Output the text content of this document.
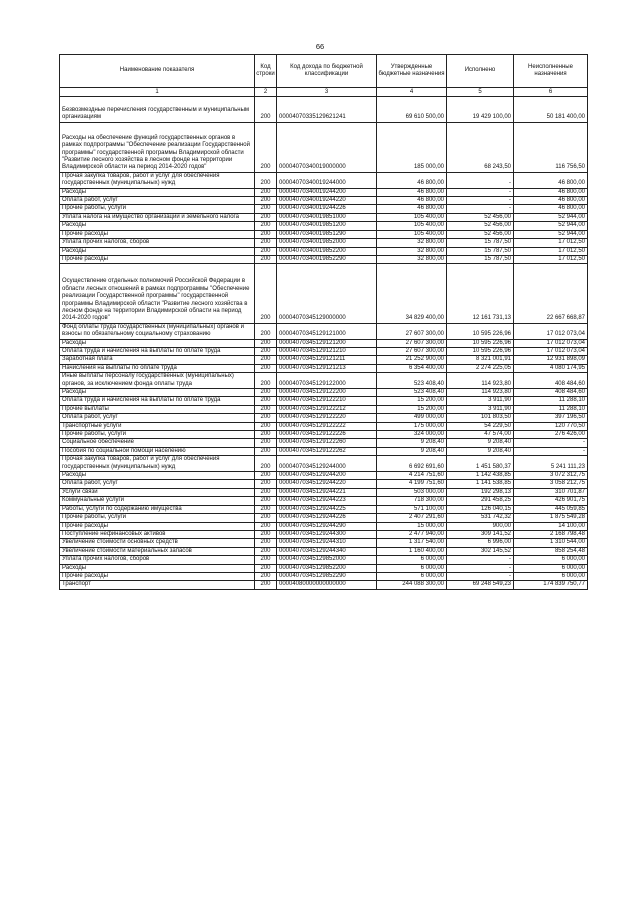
66
Наименование показателя	Код строки	Код дохода по бюджетной классификации	Утвержденные бюджетные назначения	Исполнено	Неисполненные назначения
1	2	3	4	5	6
Безвозмездные перечисления государственным и муниципальным организациям	200	00004070335129621241	69 610 500,00	19 429 100,00	50 181 400,00
Расходы на обеспечение функций государственных органов в рамках подпрограммы "Обеспечение реализации Государственной программы" государственной программы Владимирской области "Развитие лесного хозяйства в лесном фонде на территории Владимирской области на период 2014-2020 годов"	200	00004070340019000000	185 000,00	68 243,50	116 756,50
Прочая закупка товаров, работ и услуг для обеспечения государственных (муниципальных) нужд	200	00004070340019244000	46 800,00	-	46 800,00
Расходы	200	00004070340019244200	46 800,00	-	46 800,00
Оплата работ, услуг	200	00004070340019244220	46 800,00	-	46 800,00
Прочие работы, услуги	200	00004070340019244226	46 800,00	-	46 800,00
Уплата налога на имущество организаций и земельного налога	200	00004070340019851000	105 400,00	52 456,00	52 944,00
Расходы	200	00004070340019851200	105 400,00	52 456,00	52 944,00
Прочие расходы	200	00004070340019851290	105 400,00	52 456,00	52 944,00
Уплата прочих налогов, сборов	200	00004070340019852000	32 800,00	15 787,50	17 012,50
Расходы	200	00004070340019852200	32 800,00	15 787,50	17 012,50
Прочие расходы	200	00004070340019852290	32 800,00	15 787,50	17 012,50
Осуществление отдельных полномочий Российской Федерации в области лесных отношений в рамках подпрограммы "Обеспечение реализации Государственной программы" государственной программы Владимирской области "Развитие лесного хозяйства в лесном фонде на территории Владимирской области на период 2014-2020 годов"	200	00004070345129000000	34 829 400,00	12 161 731,13	22 667 668,87
Фонд оплаты труда государственных (муниципальных) органов и взносы по обязательному социальному страхованию	200	00004070345129121000	27 607 300,00	10 595 226,96	17 012 073,04
Расходы	200	00004070345129121200	27 607 300,00	10 595 226,96	17 012 073,04
Оплата труда и начисления на выплаты по оплате труда	200	00004070345129121210	27 607 300,00	10 595 226,96	17 012 073,04
Заработная плата	200	00004070345129121211	21 252 900,00	8 321 001,91	12 931 898,09
Начисления на выплаты по оплате труда	200	00004070345129121213	6 354 400,00	2 274 225,05	4 080 174,95
Иные выплаты персоналу государственных (муниципальных) органов, за исключением фонда оплаты труда	200	00004070345129122000	523 408,40	114 923,80	408 484,60
Расходы	200	00004070345129122200	523 408,40	114 923,80	408 484,60
Оплата труда и начисления на выплаты по оплате труда	200	00004070345129122210	15 200,00	3 911,90	11 288,10
Прочие выплаты	200	00004070345129122212	15 200,00	3 911,90	11 288,10
Оплата работ, услуг	200	00004070345129122220	499 000,00	101 803,50	397 196,50
Транспортные услуги	200	00004070345129122222	175 000,00	54 229,50	120 770,50
Прочие работы, услуги	200	00004070345129122226	324 000,00	47 574,00	276 426,00
Социальное обеспечение	200	00004070345129122260	9 208,40	9 208,40	-
Пособия по социальной помощи населению	200	00004070345129122262	9 208,40	9 208,40	-
Прочая закупка товаров, работ и услуг для обеспечения государственных (муниципальных) нужд	200	00004070345129244000	6 692 691,60	1 451 580,37	5 241 111,23
Расходы	200	00004070345129244200	4 214 751,60	1 142 438,85	3 072 312,75
Оплата работ, услуг	200	00004070345129244220	4 199 751,60	1 141 538,85	3 058 212,75
Услуги связи	200	00004070345129244221	503 000,00	192 298,13	310 701,87
Коммунальные услуги	200	00004070345129244223	718 300,00	291 458,25	426 901,75
Работы, услуги по содержанию имущества	200	00004070345129244225	571 100,00	126 040,15	445 059,85
Прочие работы, услуги	200	00004070345129244226	2 407 291,60	531 742,32	1 875 549,28
Прочие расходы	200	00004070345129244290	15 000,00	900,00	14 100,00
Поступление нефинансовых активов	200	00004070345129244300	2 477 940,00	309 141,52	2 168 798,48
Увеличение стоимости основных средств	200	00004070345129244310	1 317 540,00	6 996,00	1 310 544,00
Увеличение стоимости материальных запасов	200	00004070345129244340	1 160 400,00	302 145,52	858 254,48
Уплата прочих налогов, сборов	200	00004070345129852000	6 000,00	-	6 000,00
Расходы	200	00004070345129852200	6 000,00	-	6 000,00
Прочие расходы	200	00004070345129852290	6 000,00	-	6 000,00
Транспорт	200	00004080000000000000	244 088 300,00	69 248 549,23	174 839 750,77
